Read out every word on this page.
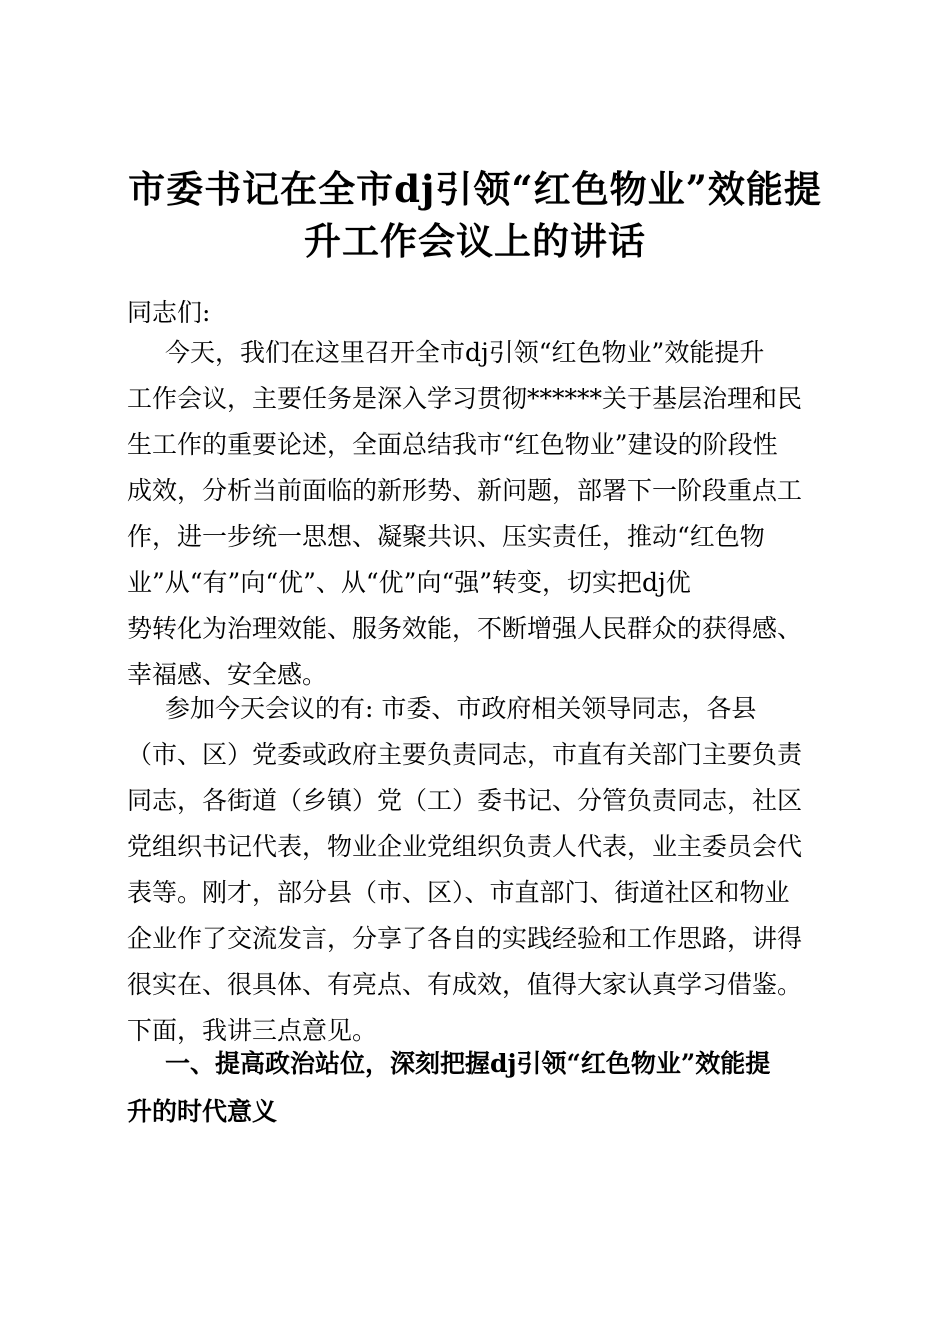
市委书记在全市dj引领“红色物业”效能提
升工作会议上的讲话
同志们:
今天，我们在这里召开全市dj引领“红色物业”效能提升
工作会议，主要任务是深入学习贯彻******关于基层治理和民
生工作的重要论述，全面总结我市“红色物业”建设的阶段性
成效，分析当前面临的新形势、新问题，部署下一阶段重点工
作，进一步统一思想、凝聚共识、压实责任，推动“红色物
业”从“有”向“优”、从“优”向“强”转变，切实把dj优
势转化为治理效能、服务效能，不断增强人民群众的获得感、
幸福感、安全感。
参加今天会议的有: 市委、市政府相关领导同志，各县
（市、区）党委或政府主要负责同志，市直有关部门主要负责
同志，各街道（乡镇）党（工）委书记、分管负责同志，社区
党组织书记代表，物业企业党组织负责人代表，业主委员会代
表等。刚才，部分县（市、区）、市直部门、街道社区和物业
企业作了交流发言，分享了各自的实践经验和工作思路，讲得
很实在、很具体、有亮点、有成效，值得大家认真学习借鉴。
下面，我讲三点意见。
一、提高政治站位，深刻把握dj引领“红色物业”效能提
升的时代意义
